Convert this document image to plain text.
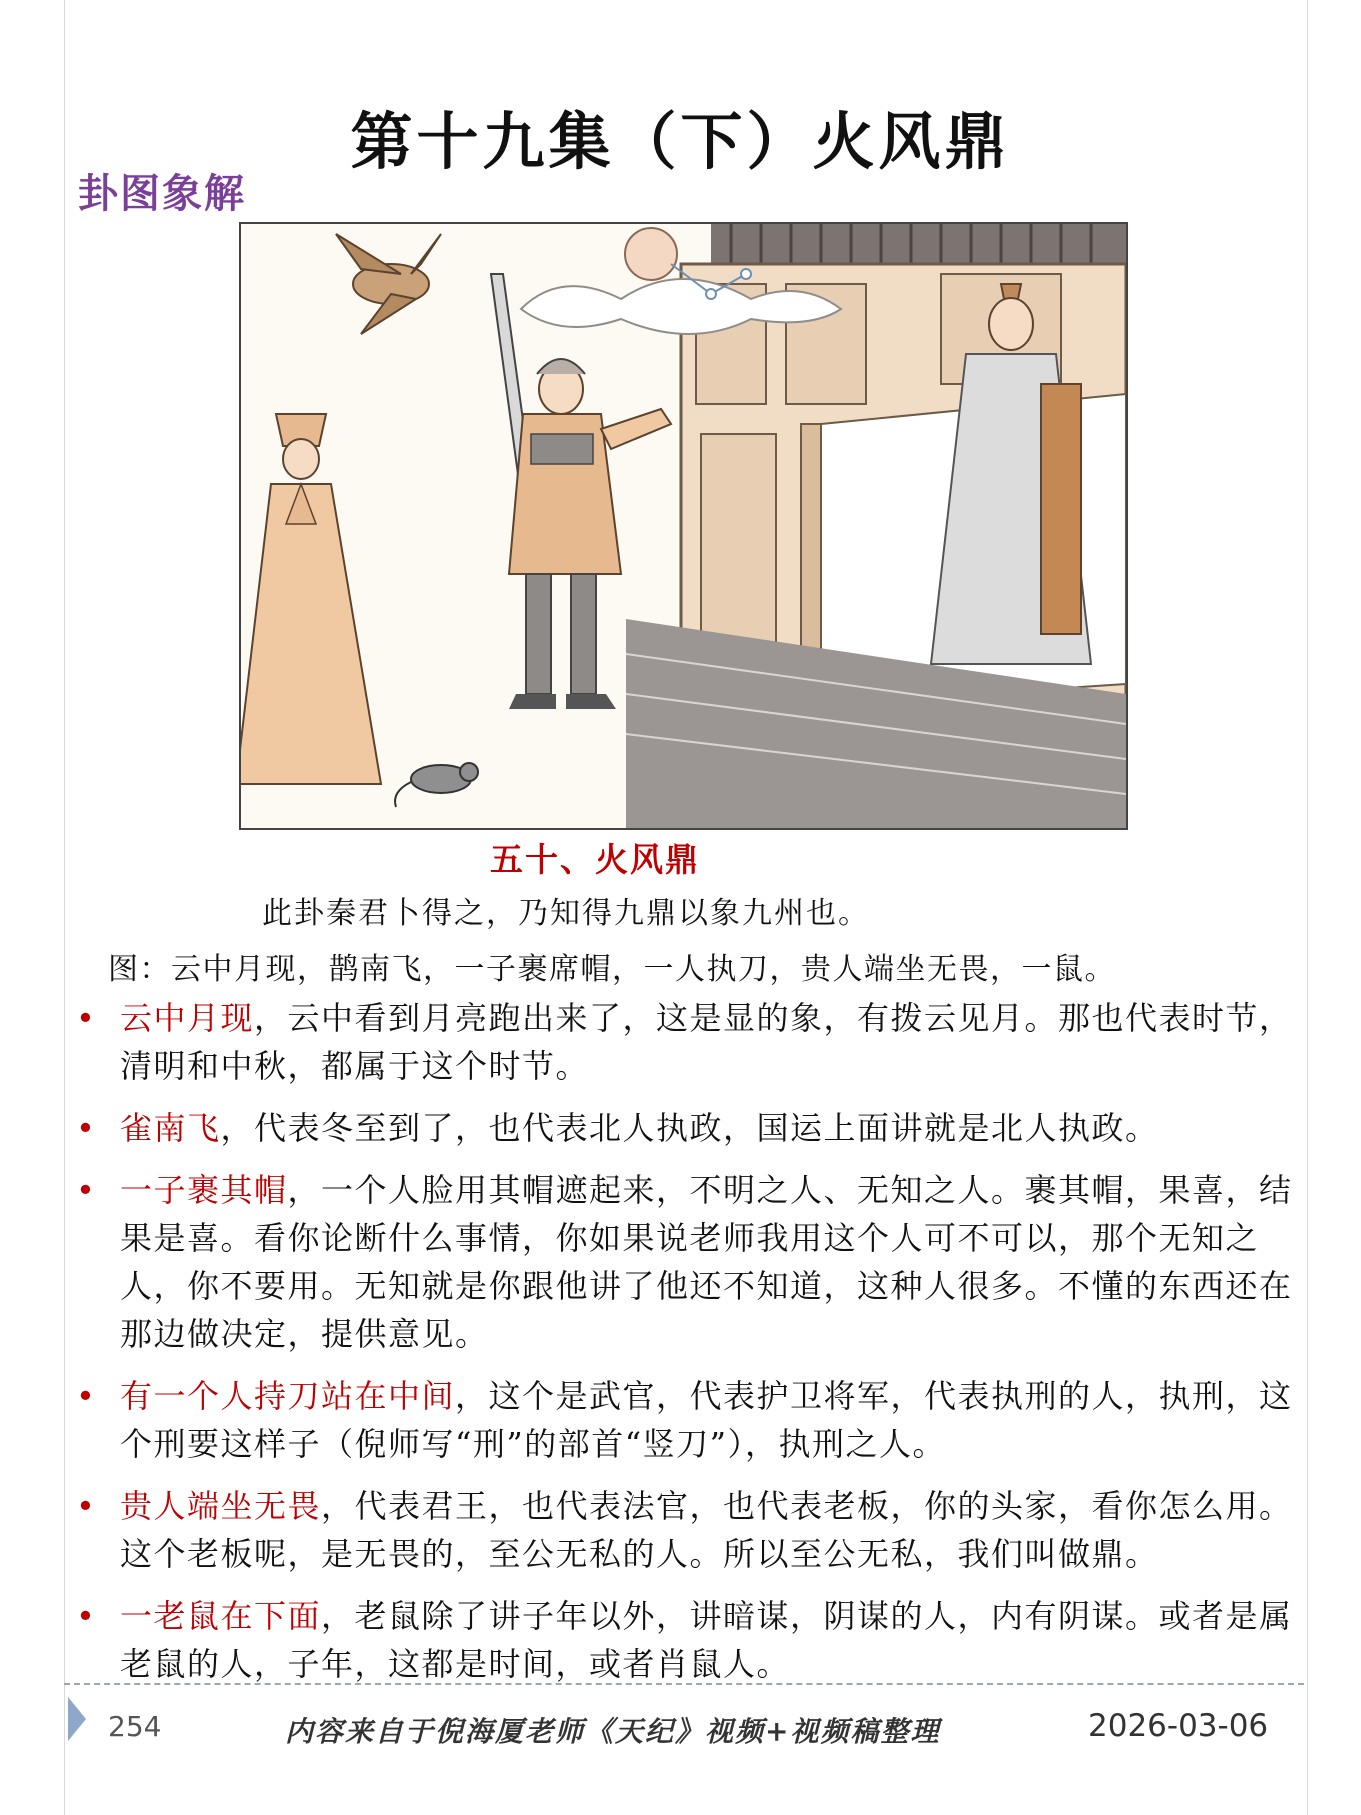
第十九集（下）火风鼎
卦图象解
五十、火风鼎
此卦秦君卜得之，乃知得九鼎以象九州也。
图：云中月现，鹊南飞，一子裹席帽，一人执刀，贵人端坐无畏，一鼠。
• 云中月现，云中看到月亮跑出来了，这是显的象，有拨云见月。那也代表时节，清明和中秋，都属于这个时节。
• 雀南飞，代表冬至到了，也代表北人执政，国运上面讲就是北人执政。
• 一子裹其帽，一个人脸用其帽遮起来，不明之人、无知之人。裹其帽，果喜，结果是喜。看你论断什么事情，你如果说老师我用这个人可不可以，那个无知之人，你不要用。无知就是你跟他讲了他还不知道，这种人很多。不懂的东西还在那边做决定，提供意见。
• 有一个人持刀站在中间，这个是武官，代表护卫将军，代表执刑的人，执刑，这个刑要这样子（倪师写“刑”的部首“竖刀”），执刑之人。
• 贵人端坐无畏，代表君王，也代表法官，也代表老板，你的头家，看你怎么用。这个老板呢，是无畏的，至公无私的人。所以至公无私，我们叫做鼎。
• 一老鼠在下面，老鼠除了讲子年以外，讲暗谋，阴谋的人，内有阴谋。或者是属老鼠的人，子年，这都是时间，或者肖鼠人。
254	内容来自于倪海厦老师《天纪》视频+视频稿整理	2026-03-06
